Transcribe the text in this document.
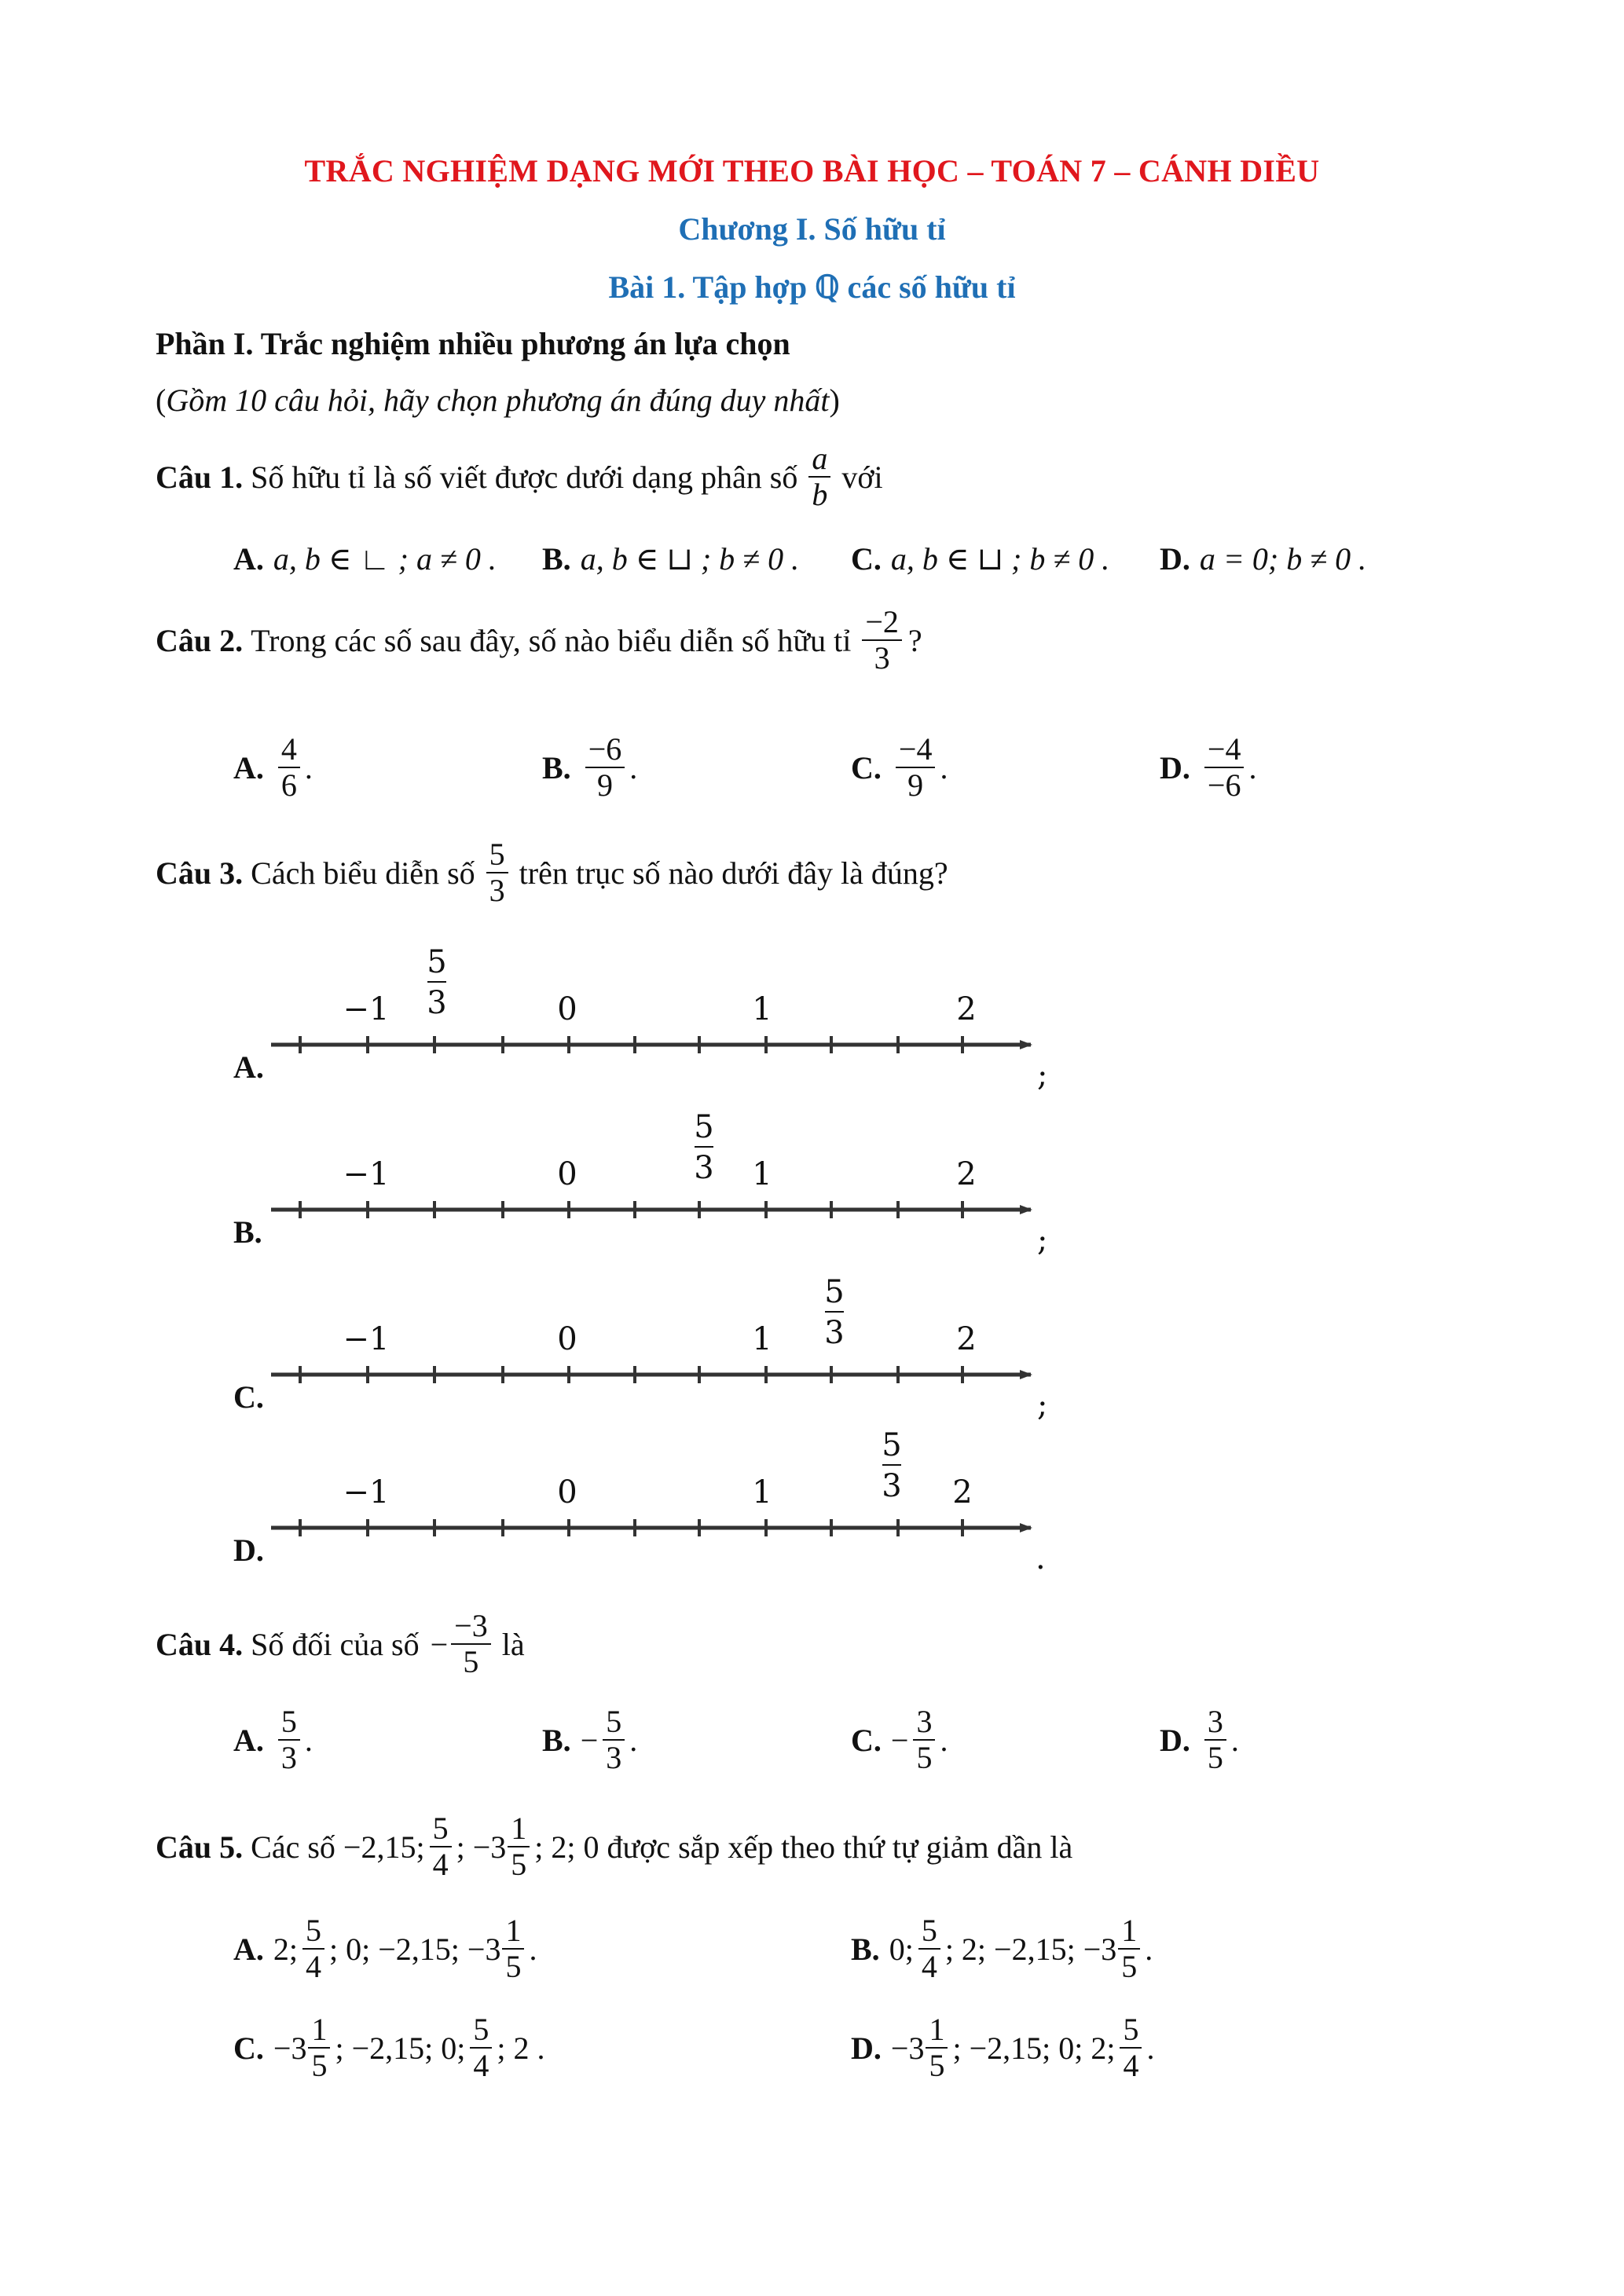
TRẮC NGHIỆM DẠNG MỚI THEO BÀI HỌC – TOÁN 7 – CÁNH DIỀU
Chương I. Số hữu tỉ
Bài 1. Tập hợp ℚ các số hữu tỉ
Phần I. Trắc nghiệm nhiều phương án lựa chọn
(Gồm 10 câu hỏi, hãy chọn phương án đúng duy nhất)
Câu 1. Số hữu tỉ là số viết được dưới dạng phân số $\frac{a}{b}$ với
A. a, b ∈ ∟ ; a ≠ 0 . B. a, b ∈ ⊔ ; b ≠ 0 . C. a, b ∈ ⊔ ; b ≠ 0 . D. a = 0; b ≠ 0 .
Câu 2. Trong các số sau đây, số nào biểu diễn số hữu tỉ $\frac{-2}{3}$ ?
A. $\frac{4}{6}$ .	B. $\frac{-6}{9}$ .	C. $\frac{-4}{9}$ .	D. $\frac{-4}{-6}$ .
Câu 3. Cách biểu diễn số $\frac{5}{3}$ trên trục số nào dưới đây là đúng?
−1	0	1	2
5
3
A.	;
−1	0	1	2
5
3
B.	;
−1	0	1	2
5
3
C.	;
−1	0	1	2
5
3
D.	.
Câu 4. Số đối của số − $\frac{-3}{5}$ là
A. $\frac{5}{3}$ .	B. − $\frac{5}{3}$ .	C. − $\frac{3}{5}$ .	D. $\frac{3}{5}$ .
Câu 5. Các số −2,15; $\frac{5}{4}$ ; $-3 \frac{1}{5}$ ; 2; 0 được sắp xếp theo thứ tự giảm dần là
A. 2; $\frac{5}{4}$ ; 0; −2,15; $-3 \frac{1}{5}$ .	B. 0; $\frac{5}{4}$ ; 2; −2,15; $-3 \frac{1}{5}$ .
C. $-3 \frac{1}{5}$ ; −2,15; 0; $\frac{5}{4}$ ; 2 .	D. $-3 \frac{1}{5}$ ; −2,15; 0; 2; $\frac{5}{4}$ .
